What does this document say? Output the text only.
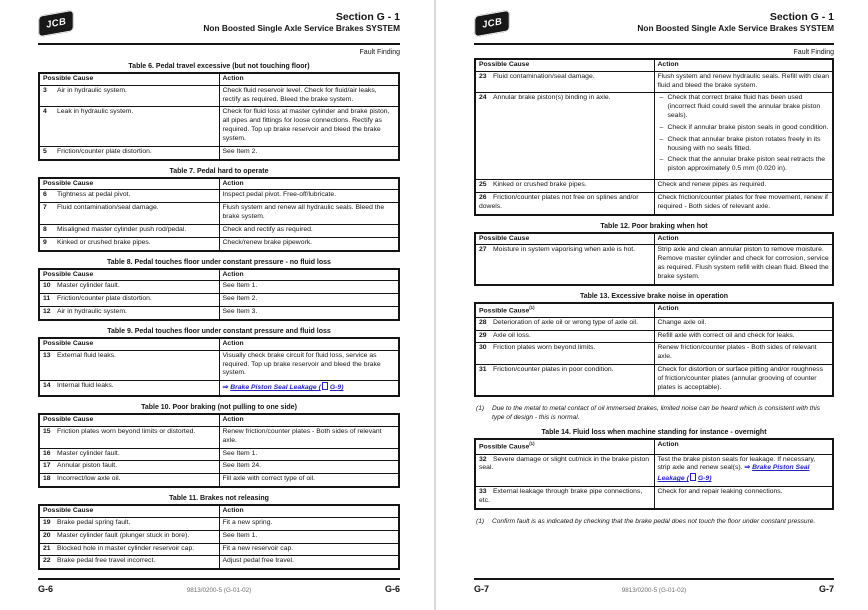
JCB	Section G - 1
Non Boosted Single Axle Service Brakes SYSTEM
Fault Finding
Table 6. Pedal travel excessive (but not touching floor)
Possible Cause	Action
3 Air in hydraulic system.	Check fluid reservoir level. Check for fluid/air leaks, rectify as required. Bleed the brake system.
4 Leak in hydraulic system.	Check for fluid loss at master cylinder and brake piston, all pipes and fittings for loose connections. Rectify as required. Top up brake reservoir and bleed the brake system.
5 Friction/counter plate distortion.	See Item 2.
Table 7. Pedal hard to operate
Possible Cause	Action
6 Tightness at pedal pivot.	Inspect pedal pivot. Free-off/lubricate.
7 Fluid contamination/seal damage.	Flush system and renew all hydraulic seals. Bleed the brake system.
8 Misaligned master cylinder push rod/pedal.	Check and rectify as required.
9 Kinked or crushed brake pipes.	Check/renew brake pipework.
Table 8. Pedal touches floor under constant pressure - no fluid loss
Possible Cause	Action
10 Master cylinder fault.	See Item 1.
11 Friction/counter plate distortion.	See Item 2.
12 Air in hydraulic system.	See Item 3.
Table 9. Pedal touches floor under constant pressure and fluid loss
Possible Cause	Action
13 External fluid leaks.	Visually check brake circuit for fluid loss, service as required. Top up brake reservoir and bleed the brake system.
14 Internal fluid leaks.	⇒ Brake Piston Seal Leakage ( G-9)
Table 10. Poor braking (not pulling to one side)
Possible Cause	Action
15 Friction plates worn beyond limits or distorted.	Renew friction/counter plates - Both sides of relevant axle.
16 Master cylinder fault.	See Item 1.
17 Annular piston fault.	See Item 24.
18 Incorrect/low axle oil.	Fill axle with correct type of oil.
Table 11. Brakes not releasing
Possible Cause	Action
19 Brake pedal spring fault.	Fit a new spring.
20 Master cylinder fault (plunger stuck in bore).	See Item 1.
21 Blocked hole in master cylinder reservoir cap.	Fit a new reservoir cap.
22 Brake pedal free travel incorrect.	Adjust pedal free travel.
G-6	9813/0200-5 (G-01-02)	G-6
JCB	Section G - 1
Non Boosted Single Axle Service Brakes SYSTEM
Fault Finding
Possible Cause	Action
23 Fluid contamination/seal damage.	Flush system and renew hydraulic seals. Refill with clean fluid and bleed the brake system.
24 Annular brake piston(s) binding in axle.	– Check that correct brake fluid has been used (incorrect fluid could swell the annular brake piston seals).
– Check if annular brake piston seals in good condition.
– Check that annular brake piston rotates freely in its housing with no seals fitted.
– Check that the annular brake piston seal retracts the piston approximately 0.5 mm (0.020 in).

25 Kinked or crushed brake pipes.	Check and renew pipes as required.
26 Friction/counter plates not free on splines and/or dowels.	Check friction/counter plates for free movement, renew if required - Both sides of relevant axle.
Table 12. Poor braking when hot
Possible Cause	Action
27 Moisture in system vaporising when axle is hot.	Strip axle and clean annular piston to remove moisture. Remove master cylinder and check for corrosion, service as required. Flush system refill with clean fluid. Bleed the brake system.
Table 13. Excessive brake noise in operation
Possible Cause$^{(1)}$	Action
28 Deterioration of axle oil or wrong type of axle oil.	Change axle oil.
29 Axle oil loss.	Refill axle with correct oil and check for leaks.
30 Friction plates worn beyond limits.	Renew friction/counter plates - Both sides of relevant axle.
31 Friction/counter plates in poor condition.	Check for distortion or surface pitting and/or roughness of friction/counter plates (annular grooving of counter plates is acceptable).
(1)	Due to the metal to metal contact of oil immersed brakes, limited noise can be heard which is consistent with this type of design - this is normal.
Table 14. Fluid loss when machine standing for instance - overnight
Possible Cause$^{(1)}$	Action
32 Severe damage or slight cut/nick in the brake piston seal.	Test the brake piston seals for leakage. If necessary, strip axle and renew seal(s). ⇒ Brake Piston Seal Leakage ( G-9)
33 External leakage through brake pipe connections, etc.	Check for and repair leaking connections.
(1)	Confirm fault is as indicated by checking that the brake pedal does not touch the floor under constant pressure.
G-7	9813/0200-5 (G-01-02)	G-7
